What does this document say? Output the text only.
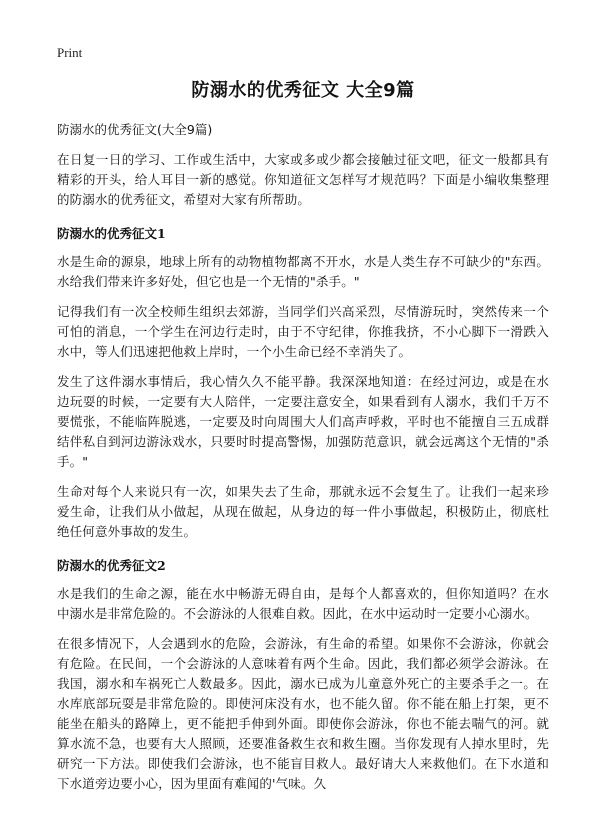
Print
防溺水的优秀征文 大全9篇

防溺水的优秀征文(大全9篇)

在日复一日的学习、工作或生活中，大家或多或少都会接触过征文吧，征文一般都具有精彩的开头，给人耳目一新的感觉。你知道征文怎样写才规范吗？下面是小编收集整理的防溺水的优秀征文，希望对大家有所帮助。

防溺水的优秀征文1

水是生命的源泉，地球上所有的动物植物都离不开水，水是人类生存不可缺少的"东西。水给我们带来许多好处，但它也是一个无情的"杀手。"

记得我们有一次全校师生组织去郊游，当同学们兴高采烈，尽情游玩时，突然传来一个可怕的消息，一个学生在河边行走时，由于不守纪律，你推我挤，不小心脚下一滑跌入水中，等人们迅速把他救上岸时，一个小生命已经不幸消失了。

发生了这件溺水事情后，我心情久久不能平静。我深深地知道：在经过河边，或是在水边玩耍的时候，一定要有大人陪伴，一定要注意安全，如果看到有人溺水，我们千万不要慌张，不能临阵脱逃，一定要及时向周围大人们高声呼救，平时也不能擅自三五成群结伴私自到河边游泳戏水，只要时时提高警惕，加强防范意识，就会远离这个无情的"杀手。"

生命对每个人来说只有一次，如果失去了生命，那就永远不会复生了。让我们一起来珍爱生命，让我们从小做起，从现在做起，从身边的每一件小事做起，积极防止，彻底杜绝任何意外事故的发生。

防溺水的优秀征文2

水是我们的生命之源，能在水中畅游无碍自由，是每个人都喜欢的，但你知道吗？在水中溺水是非常危险的。不会游泳的人很难自救。因此，在水中运动时一定要小心溺水。

在很多情况下，人会遇到水的危险，会游泳，有生命的希望。如果你不会游泳，你就会有危险。在民间，一个会游泳的人意味着有两个生命。因此，我们都必须学会游泳。在我国，溺水和车祸死亡人数最多。因此，溺水已成为儿童意外死亡的主要杀手之一。在水库底部玩耍是非常危险的。即使河床没有水，也不能久留。你不能在船上打架，更不能坐在船头的路障上，更不能把手伸到外面。即使你会游泳，你也不能去喘气的河。就算水流不急，也要有大人照顾，还要准备救生衣和救生圈。当你发现有人掉水里时，先研究一下方法。即使我们会游泳，也不能盲目救人。最好请大人来救他们。在下水道和下水道旁边要小心，因为里面有难闻的'气味。久
